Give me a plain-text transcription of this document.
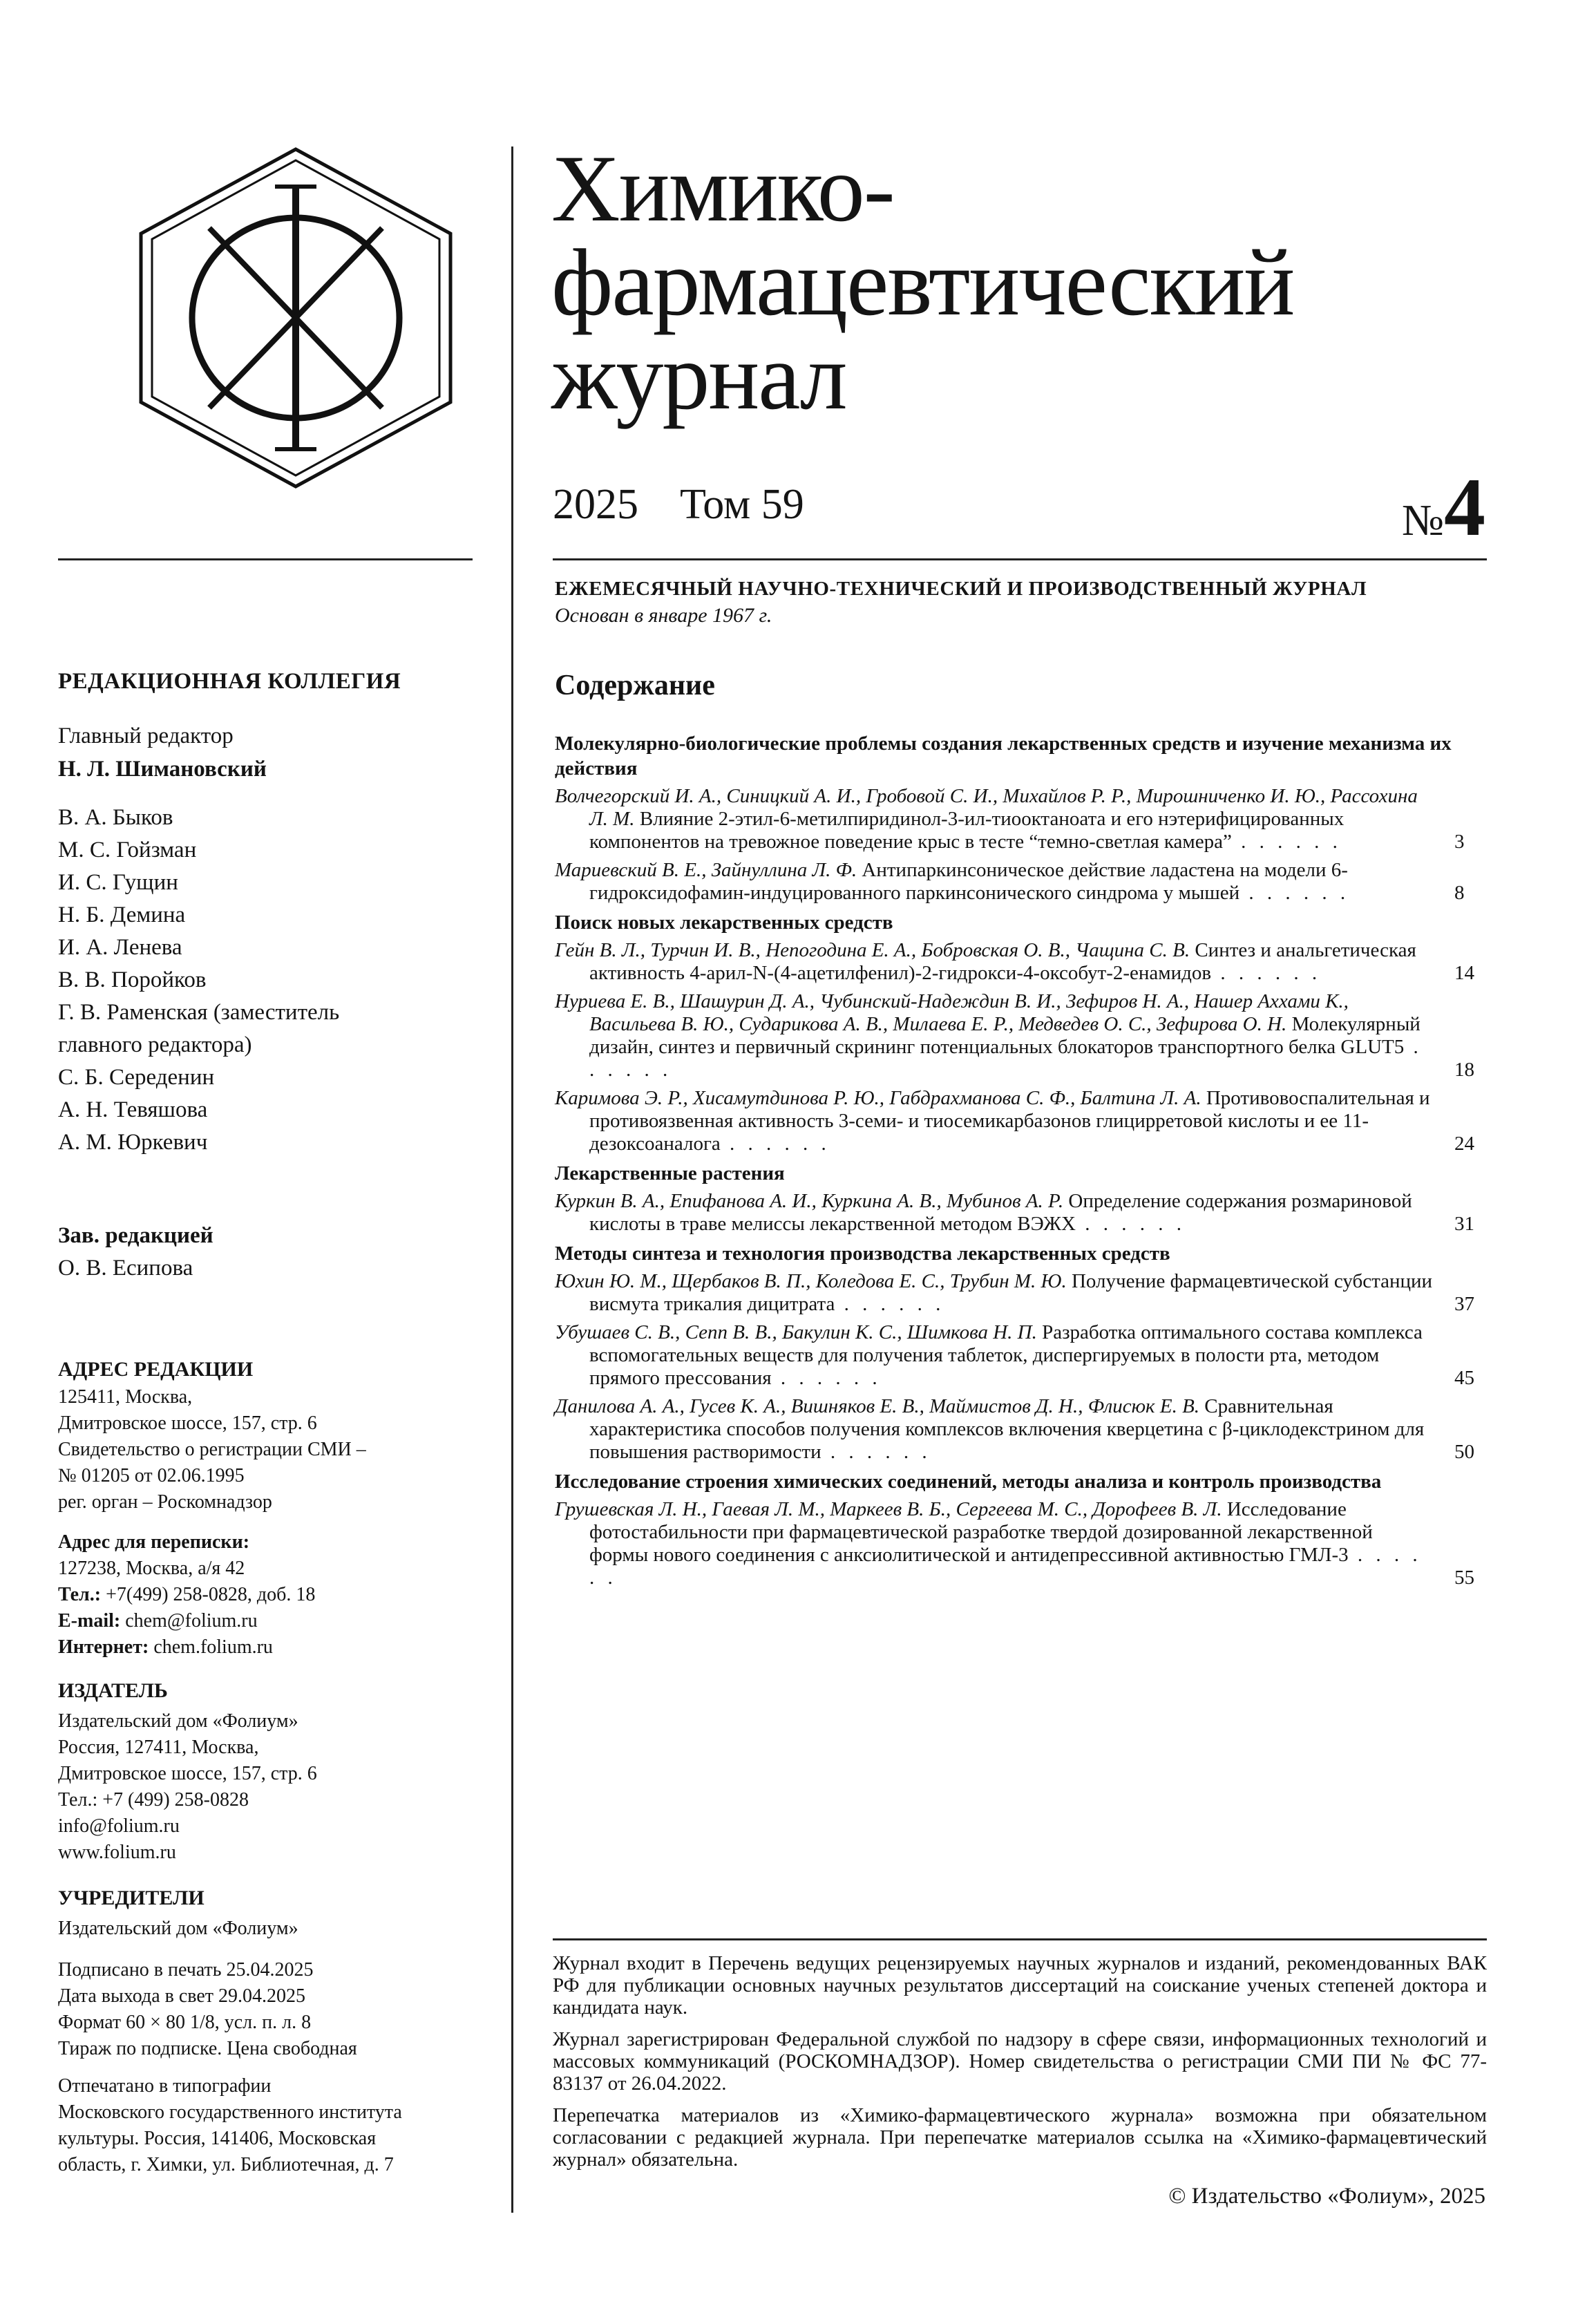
РЕДАКЦИОННАЯ КОЛЛЕГИЯ
Главный редактор
Н. Л. Шимановский
В. А. Быков
М. С. Гойзман
И. С. Гущин
Н. Б. Демина
И. А. Ленева
В. В. Поройков
Г. В. Раменская (заместитель
главного редактора)
С. Б. Середенин
А. Н. Тевяшова
А. М. Юркевич
Зав. редакцией
О. В. Есипова
АДРЕС РЕДАКЦИИ
125411, Москва,
Дмитровское шоссе, 157, стр. 6
Свидетельство о регистрации СМИ –
№ 01205 от 02.06.1995
рег. орган – Роскомнадзор
Адрес для переписки:
127238, Москва, а/я 42
Тел.: +7(499) 258-0828, доб. 18
E-mail: chem@folium.ru
Интернет: chem.folium.ru
ИЗДАТЕЛЬ
Издательский дом «Фолиум»
Россия, 127411, Москва,
Дмитровское шоссе, 157, стр. 6
Тел.: +7 (499) 258-0828
info@folium.ru
www.folium.ru
УЧРЕДИТЕЛИ
Издательский дом «Фолиум»
Подписано в печать 25.04.2025
Дата выхода в свет 29.04.2025
Формат 60 × 80 1/8, усл. п. л. 8
Тираж по подписке. Цена свободная
Отпечатано в типографии
Московского государственного института
культуры. Россия, 141406, Московская
область, г. Химки, ул. Библиотечная, д. 7
Химико-
фармацевтический
журнал
2025 Том 59	№4
ЕЖЕМЕСЯЧНЫЙ НАУЧНО-ТЕХНИЧЕСКИЙ И ПРОИЗВОДСТВЕННЫЙ ЖУРНАЛ
Основан в январе 1967 г.
Содержание
Молекулярно-биологические проблемы создания лекарственных средств и изучение механизма их действия
Волчегорский И. А., Синицкий А. И., Гробовой С. И., Михайлов Р. Р., Мирошниченко И. Ю., Рассохина Л. М. Влияние 2-этил-6-метилпиридинол-3-ил-тиооктаноата и его нэтерифицированных компонентов на тревожное поведение крыс в тесте “темно-светлая камера” . . . . . .	3
Мариевский В. Е., Зайнуллина Л. Ф. Антипаркинсоническое действие ладастена на модели 6-гидроксидофамин-индуцированного паркинсонического синдрома у мышей . . . . . .	8
Поиск новых лекарственных средств
Гейн В. Л., Турчин И. В., Непогодина Е. А., Бобровская О. В., Чащина С. В. Синтез и анальгетическая активность 4-арил-N-(4-ацетилфенил)-2-гидрокси-4-оксобут-2-енамидов . . . . . .	14
Нуриева Е. В., Шашурин Д. А., Чубинский-Надеждин В. И., Зефиров Н. А., Нашер Аххами К., Васильева В. Ю., Сударикова А. В., Милаева Е. Р., Медведев О. С., Зефирова О. Н. Молекулярный дизайн, синтез и первичный скрининг потенциальных блокаторов транспортного белка GLUT5 . . . . . .	18
Каримова Э. Р., Хисамутдинова Р. Ю., Габдрахманова С. Ф., Балтина Л. А. Противовоспалительная и противоязвенная активность 3-семи- и тиосемикарбазонов глицирретовой кислоты и ее 11-дезоксоаналога . . . . . .	24
Лекарственные растения
Куркин В. А., Епифанова А. И., Куркина А. В., Мубинов А. Р. Определение содержания розмариновой кислоты в траве мелиссы лекарственной методом ВЭЖХ . . . . . .	31
Методы синтеза и технология производства лекарственных средств
Юхин Ю. М., Щербаков В. П., Коледова Е. С., Трубин М. Ю. Получение фармацевтической субстанции висмута трикалия дицитрата . . . . . .	37
Убушаев С. В., Сепп В. В., Бакулин К. С., Шимкова Н. П. Разработка оптимального состава комплекса вспомогательных веществ для получения таблеток, диспергируемых в полости рта, методом прямого прессования . . . . . .	45
Данилова А. А., Гусев К. А., Вишняков Е. В., Маймистов Д. Н., Флисюк Е. В. Сравнительная характеристика способов получения комплексов включения кверцетина с β-циклодекстрином для повышения растворимости . . . . . .	50
Исследование строения химических соединений, методы анализа и контроль производства
Грушевская Л. Н., Гаевая Л. М., Маркеев В. Б., Сергеева М. С., Дорофеев В. Л. Исследование фотостабильности при фармацевтической разработке твердой дозированной лекарственной формы нового соединения с анксиолитической и антидепрессивной активностью ГМЛ-3 . . . . . .	55

Журнал входит в Перечень ведущих рецензируемых научных журналов и изданий, рекомендованных ВАК РФ для публикации основных научных результатов диссертаций на соискание ученых степеней доктора и кандидата наук.

Журнал зарегистрирован Федеральной службой по надзору в сфере связи, информационных технологий и массовых коммуникаций (РОСКОМНАДЗОР). Номер свидетельства о регистрации СМИ ПИ № ФС 77-83137 от 26.04.2022.

Перепечатка материалов из «Химико-фармацевтического журнала» возможна при обязательном согласовании с редакцией журнала. При перепечатке материалов ссылка на «Химико-фармацевтический журнал» обязательна.

© Издательство «Фолиум», 2025
